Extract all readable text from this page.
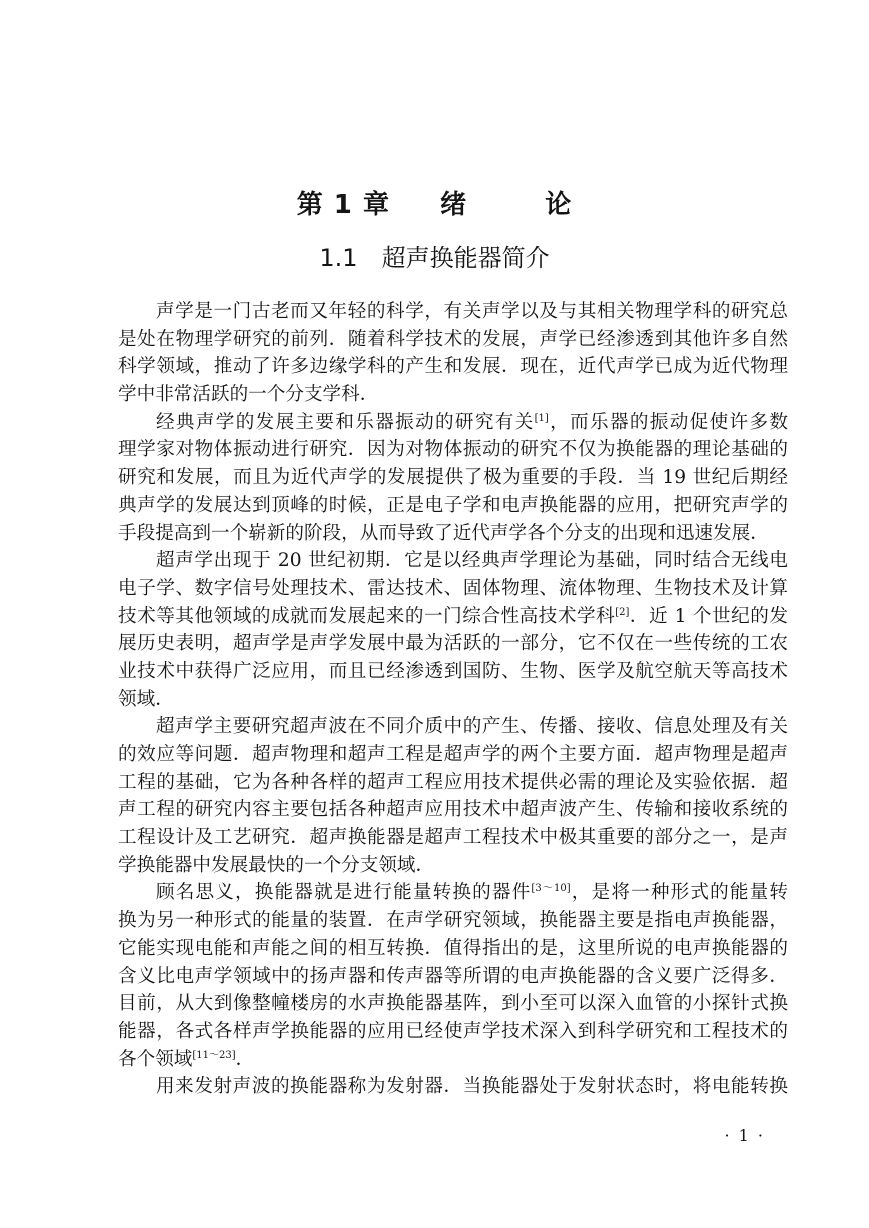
第 1 章 绪	论
1.1 超声换能器简介
声学是一门古老而又年轻的科学，有关声学以及与其相关物理学科的研究总
是处在物理学研究的前列．随着科学技术的发展，声学已经渗透到其他许多自然
科学领域，推动了许多边缘学科的产生和发展．现在，近代声学已成为近代物理
学中非常活跃的一个分支学科．
经典声学的发展主要和乐器振动的研究有关[1]，而乐器的振动促使许多数
理学家对物体振动进行研究．因为对物体振动的研究不仅为换能器的理论基础的
研究和发展，而且为近代声学的发展提供了极为重要的手段．当 19 世纪后期经
典声学的发展达到顶峰的时候，正是电子学和电声换能器的应用，把研究声学的
手段提高到一个崭新的阶段，从而导致了近代声学各个分支的出现和迅速发展．
超声学出现于 20 世纪初期．它是以经典声学理论为基础，同时结合无线电
电子学、数字信号处理技术、雷达技术、固体物理、流体物理、生物技术及计算
技术等其他领域的成就而发展起来的一门综合性高技术学科[2]．近 1 个世纪的发
展历史表明，超声学是声学发展中最为活跃的一部分，它不仅在一些传统的工农
业技术中获得广泛应用，而且已经渗透到国防、生物、医学及航空航天等高技术
领域．
超声学主要研究超声波在不同介质中的产生、传播、接收、信息处理及有关
的效应等问题．超声物理和超声工程是超声学的两个主要方面．超声物理是超声
工程的基础，它为各种各样的超声工程应用技术提供必需的理论及实验依据．超
声工程的研究内容主要包括各种超声应用技术中超声波产生、传输和接收系统的
工程设计及工艺研究．超声换能器是超声工程技术中极其重要的部分之一，是声
学换能器中发展最快的一个分支领域．
顾名思义，换能器就是进行能量转换的器件[3～10]，是将一种形式的能量转
换为另一种形式的能量的装置．在声学研究领域，换能器主要是指电声换能器，
它能实现电能和声能之间的相互转换．值得指出的是，这里所说的电声换能器的
含义比电声学领域中的扬声器和传声器等所谓的电声换能器的含义要广泛得多．
目前，从大到像整幢楼房的水声换能器基阵，到小至可以深入血管的小探针式换
能器，各式各样声学换能器的应用已经使声学技术深入到科学研究和工程技术的
各个领域[11～23]．
用来发射声波的换能器称为发射器．当换能器处于发射状态时，将电能转换
· 1 ·
